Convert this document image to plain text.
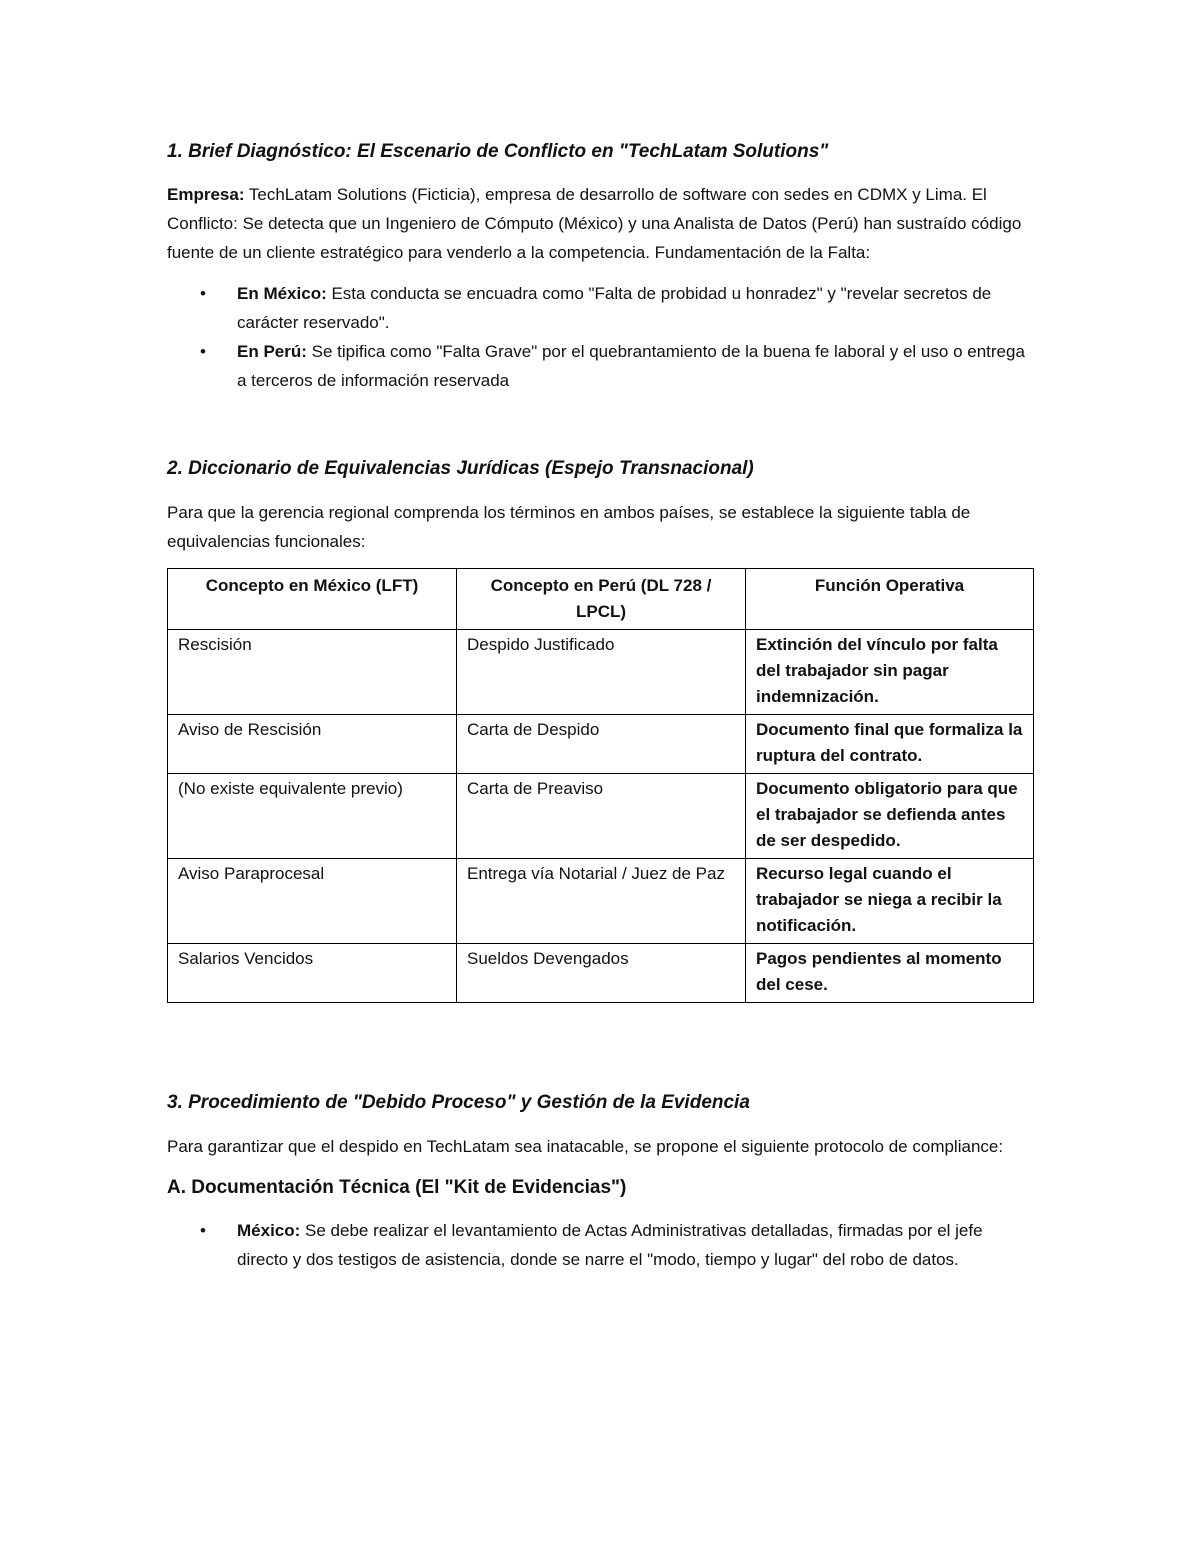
1. Brief Diagnóstico: El Escenario de Conflicto en "TechLatam Solutions"

Empresa: TechLatam Solutions (Ficticia), empresa de desarrollo de software con sedes en CDMX y Lima. El Conflicto: Se detecta que un Ingeniero de Cómputo (México) y una Analista de Datos (Perú) han sustraído código fuente de un cliente estratégico para venderlo a la competencia. Fundamentación de la Falta:

• En México: Esta conducta se encuadra como "Falta de probidad u honradez" y "revelar secretos de carácter reservado".
• En Perú: Se tipifica como "Falta Grave" por el quebrantamiento de la buena fe laboral y el uso o entrega a terceros de información reservada
2. Diccionario de Equivalencias Jurídicas (Espejo Transnacional)

Para que la gerencia regional comprenda los términos en ambos países, se establece la siguiente tabla de equivalencias funcionales:

Concepto en México (LFT)	Concepto en Perú (DL 728 / LPCL)	Función Operativa
Rescisión	Despido Justificado	Extinción del vínculo por falta del trabajador sin pagar indemnización.
Aviso de Rescisión	Carta de Despido	Documento final que formaliza la ruptura del contrato.
(No existe equivalente previo)	Carta de Preaviso	Documento obligatorio para que el trabajador se defienda antes de ser despedido.
Aviso Paraprocesal	Entrega vía Notarial / Juez de Paz	Recurso legal cuando el trabajador se niega a recibir la notificación.
Salarios Vencidos	Sueldos Devengados	Pagos pendientes al momento del cese.
3. Procedimiento de "Debido Proceso" y Gestión de la Evidencia

Para garantizar que el despido en TechLatam sea inatacable, se propone el siguiente protocolo de compliance:

A. Documentación Técnica (El "Kit de Evidencias")
• México: Se debe realizar el levantamiento de Actas Administrativas detalladas, firmadas por el jefe directo y dos testigos de asistencia, donde se narre el "modo, tiempo y lugar" del robo de datos.
